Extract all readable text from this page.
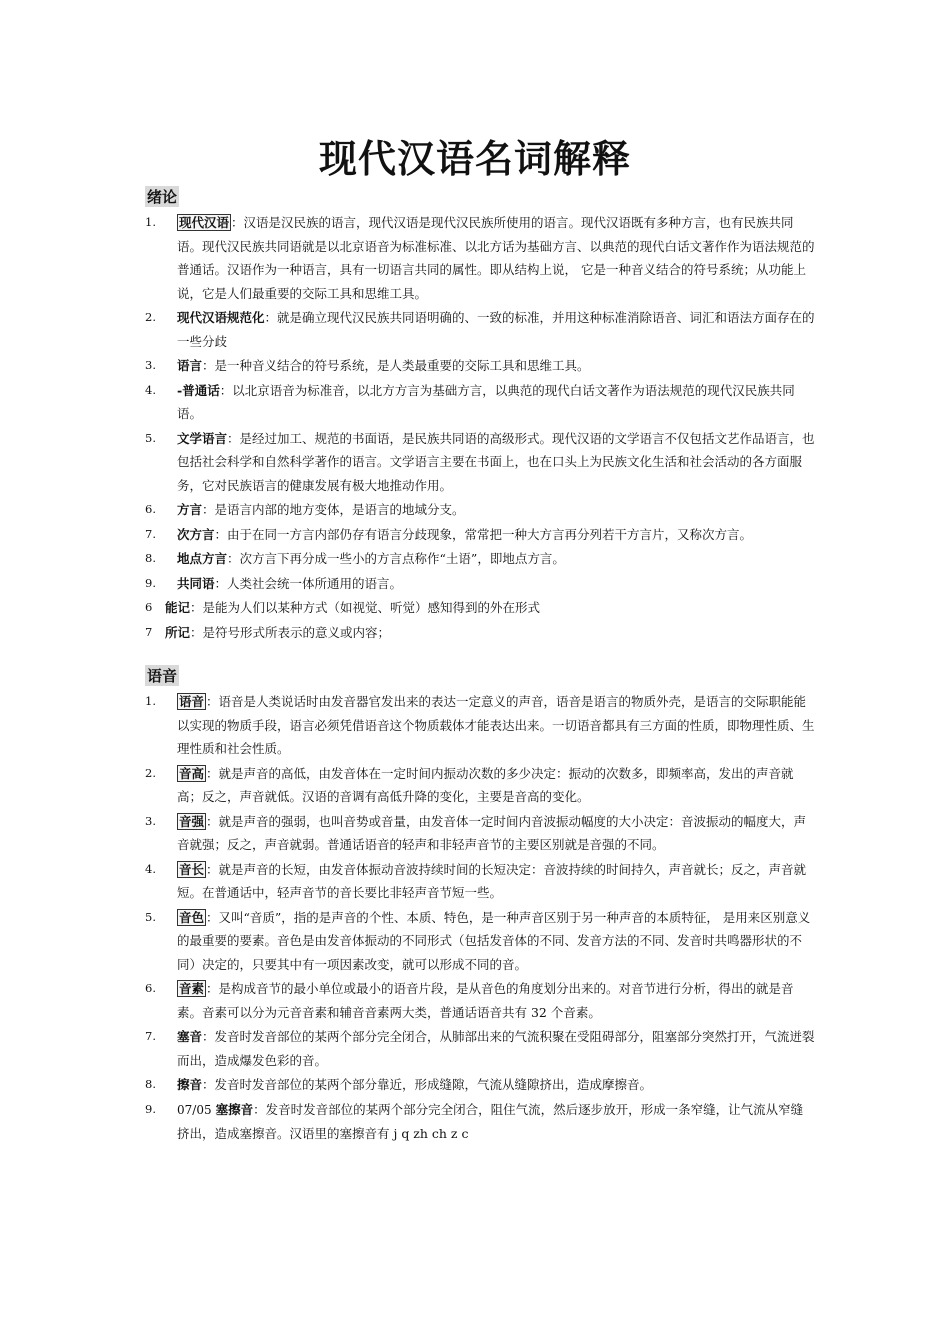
现代汉语名词解释
绪论
1. 现代汉语 ：汉语是汉民族的语言，现代汉语是现代汉民族所使用的语言。现代汉语既有多种方言，也有民族共同语。现代汉民族共同语就是以北京语音为标准标准、以北方话为基础方言、以典范的现代白话文著作作为语法规范的普通话。汉语作为一种语言，具有一切语言共同的属性。即从结构上说， 它是一种音义结合的符号系统；从功能上说，它是人们最重要的交际工具和思维工具。
2. 现代汉语规范化：就是确立现代汉民族共同语明确的、一致的标准，并用这种标准消除语音、词汇和语法方面存在的一些分歧
3. 语言：是一种音义结合的符号系统，是人类最重要的交际工具和思维工具。
4. -普通话：以北京语音为标准音，以北方方言为基础方言，以典范的现代白话文著作为语法规范的现代汉民族共同语。
5. 文学语言：是经过加工、规范的书面语，是民族共同语的高级形式。现代汉语的文学语言不仅包括文艺作品语言，也包括社会科学和自然科学著作的语言。文学语言主要在书面上，也在口头上为民族文化生活和社会活动的各方面服务，它对民族语言的健康发展有极大地推动作用。
6. 方言：是语言内部的地方变体，是语言的地域分支。
7. 次方言：由于在同一方言内部仍存有语言分歧现象，常常把一种大方言再分列若干方言片，又称次方言。
8. 地点方言：次方言下再分成一些小的方言点称作“土语”，即地点方言。
9. 共同语：人类社会统一体所通用的语言。
6 能记：是能为人们以某种方式（如视觉、听觉）感知得到的外在形式
7 所记：是符号形式所表示的意义或内容；
语音
1. 语音 ：语音是人类说话时由发音器官发出来的表达一定意义的声音，语音是语言的物质外壳，是语言的交际职能能以实现的物质手段，语言必须凭借语音这个物质载体才能表达出来。一切语音都具有三方面的性质，即物理性质、生理性质和社会性质。
2. 音高 ：就是声音的高低，由发音体在一定时间内振动次数的多少决定：振动的次数多，即频率高，发出的声音就高；反之，声音就低。汉语的音调有高低升降的变化，主要是音高的变化。
3. 音强 ：就是声音的强弱，也叫音势或音量，由发音体一定时间内音波振动幅度的大小决定：音波振动的幅度大，声音就强；反之，声音就弱。普通话语音的轻声和非轻声音节的主要区别就是音强的不同。
4. 音长 ：就是声音的长短，由发音体振动音波持续时间的长短决定：音波持续的时间持久，声音就长；反之，声音就短。在普通话中，轻声音节的音长要比非轻声音节短一些。
5. 音色 ：又叫“音质”，指的是声音的个性、本质、特色，是一种声音区别于另一种声音的本质特征， 是用来区别意义的最重要的要素。音色是由发音体振动的不同形式（包括发音体的不同、发音方法的不同、发音时共鸣器形状的不同）决定的，只要其中有一项因素改变，就可以形成不同的音。
6. 音素 ：是构成音节的最小单位或最小的语音片段，是从音色的角度划分出来的。对音节进行分析，得出的就是音素。音素可以分为元音音素和辅音音素两大类，普通话语音共有 32 个音素。
7. 塞音：发音时发音部位的某两个部分完全闭合，从肺部出来的气流积聚在受阻碍部分，阻塞部分突然打开，气流迸裂而出，造成爆发色彩的音。
8. 擦音：发音时发音部位的某两个部分靠近，形成缝隙，气流从缝隙挤出，造成摩擦音。
9. 07/05 塞擦音：发音时发音部位的某两个部分完全闭合，阻住气流，然后逐步放开，形成一条窄缝，让气流从窄缝挤出，造成塞擦音。汉语里的塞擦音有 j q zh ch z c
